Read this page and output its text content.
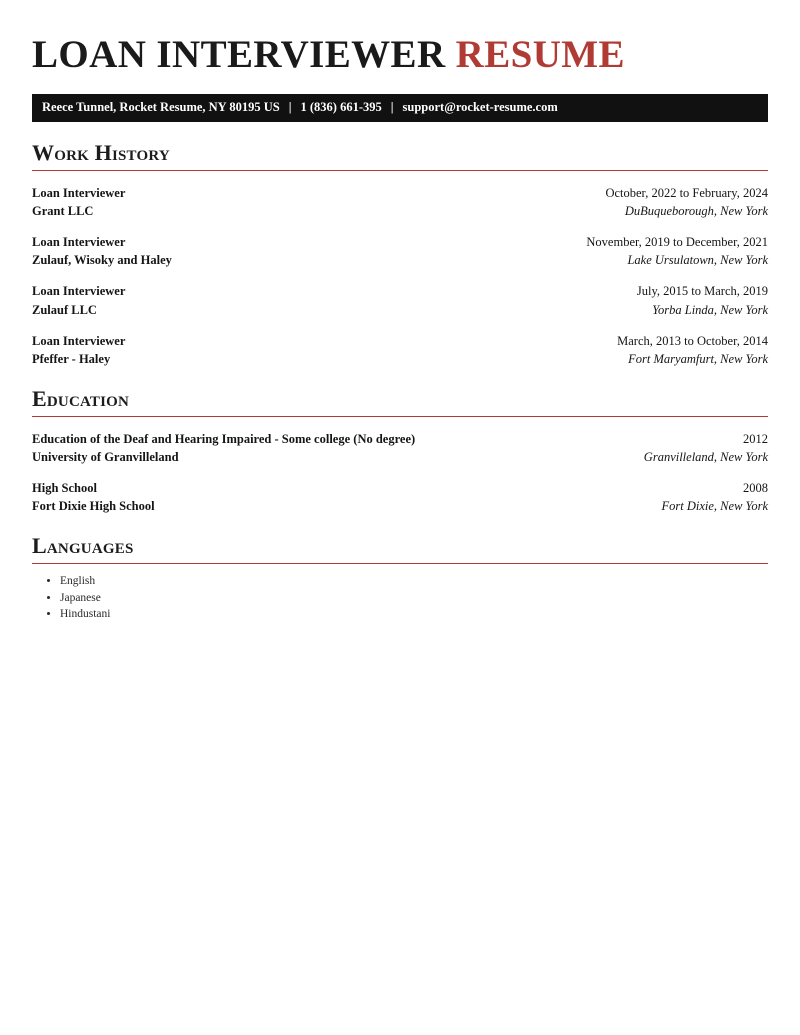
LOAN INTERVIEWER RESUME
Reece Tunnel, Rocket Resume, NY 80195 US | 1 (836) 661-395 | support@rocket-resume.com
Work History
Loan Interviewer	October, 2022 to February, 2024
Grant LLC	DuBuqueborough, New York
Loan Interviewer	November, 2019 to December, 2021
Zulauf, Wisoky and Haley	Lake Ursulatown, New York
Loan Interviewer	July, 2015 to March, 2019
Zulauf LLC	Yorba Linda, New York
Loan Interviewer	March, 2013 to October, 2014
Pfeffer - Haley	Fort Maryamfurt, New York
Education
Education of the Deaf and Hearing Impaired - Some college (No degree)	2012
University of Granvilleland	Granvilleland, New York
High School	2008
Fort Dixie High School	Fort Dixie, New York
Languages
• English
• Japanese
• Hindustani
